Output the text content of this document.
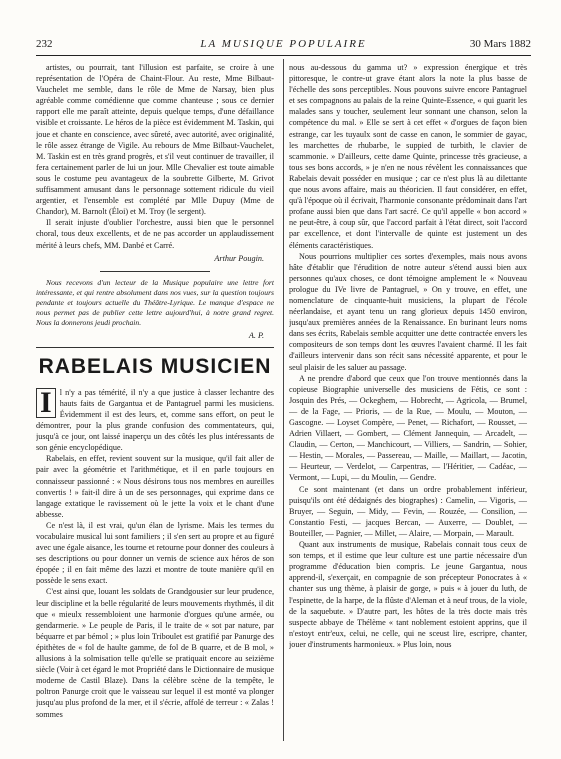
232	LA MUSIQUE POPULAIRE	30 Mars 1882

artistes, ou pourrait, tant l'illusion est parfaite, se croire à une représentation de l'Opéra de Chaint-Flour. Au reste, Mme Bilbaut-Vauchelet me semble, dans le rôle de Mme de Narsay, bien plus agréable comme comédienne que comme chanteuse ; sous ce dernier rapport elle me paraît atteinte, depuis quelque temps, d'une défaillance visible et croissante. Le héros de la pièce est évidemment M. Taskin, qui joue et chante en conscience, avec sûreté, avec autorité, avec originalité, le rôle assez étrange de Vigile. Au rebours de Mme Bilbaut-Vauchelet, M. Taskin est en très grand progrès, et s'il veut continuer de travailler, il fera certainement parler de lui un jour. Mlle Chevalier est toute aimable sous le costume peu avantageux de la soubrette Gilberte, M. Grivot suffisamment amusant dans le personnage sottement ridicule du vieil argentier, et l'ensemble est complété par Mlle Dupuy (Mme de Chandor), M. Barnolt (Éloi) et M. Troy (le sergent).

Il serait injuste d'oublier l'orchestre, aussi bien que le personnel choral, tous deux excellents, et de ne pas accorder un applaudissement mérité à leurs chefs, MM. Danbé et Carré.

Arthur Pougin.

Nous recevons d'un lecteur de la Musique populaire une lettre fort intéressante, et qui rentre absolument dans nos vues, sur la question toujours pendante et toujours actuelle du Théâtre-Lyrique. Le manque d'espace ne nous permet pas de publier cette lettre aujourd'hui, à notre grand regret. Nous la donnerons jeudi prochain.

A. P.

RABELAIS MUSICIEN

I l n'y a pas témérité, il n'y a que justice à classer lechantre des hauts faits de Gargantua et de Pantagruel parmi les musiciens. Évidemment il est des leurs, et, comme sans effort, on peut le démontrer, pour la plus grande confusion des commentateurs, qui, jusqu'à ce jour, ont laissé inaperçu un des côtés les plus intéressants de son génie encyclopédique.

Rabelais, en effet, revient souvent sur la musique, qu'il fait aller de pair avec la géométrie et l'arithmétique, et il en parle toujours en connaisseur passionné : « Nous désirons tous nos membres en aureilles convertis ! » fait-il dire à un de ses personnages, qui exprime dans ce langage extatique le ravissement où le jette la voix et le chant d'une abbesse.

Ce n'est là, il est vrai, qu'un élan de lyrisme. Mais les termes du vocabulaire musical lui sont familiers ; il s'en sert au propre et au figuré avec une égale aisance, les tourne et retourne pour donner des couleurs à ses descriptions ou pour donner un vernis de science aux héros de son épopée ; il en fait même des lazzi et montre de toute manière qu'il en possède le sens exact.

C'est ainsi que, louant les soldats de Grandgousier sur leur prudence, leur discipline et la belle régularité de leurs mouvements rhythmés, il dit que « mieulx ressembloient une harmonie d'orgues qu'une armée, ou gendarmerie. » Le peuple de Paris, il le traite de « sot par nature, par béquarre et par bémol ; » plus loin Triboulet est gratifié par Panurge des épithètes de « fol de haulte gamme, de fol de B quarre, et de B mol, » allusions à la solmisation telle qu'elle se pratiquait encore au seizième siècle (Voir à cet égard le mot Propriété dans le Dictionnaire de musique moderne de Castil Blaze). Dans la célèbre scène de la tempête, le poltron Panurge croit que le vaisseau sur lequel il est monté va plonger jusqu'au plus profond de la mer, et il s'écrie, affolé de terreur : « Zalas ! sommes

nous au-dessous du gamma ut? » expression énergique et très pittoresque, le contre-ut grave étant alors la note la plus basse de l'échelle des sons perceptibles. Nous pouvons suivre encore Pantagruel et ses compagnons au palais de la reine Quinte-Essence, « qui guarit les malades sans y toucher, seulement leur sonnant une chanson, selon la compétence du mal. » Elle se sert à cet effet « d'orgues de façon bien estrange, car les tuyaulx sont de casse en canon, le sommier de gayac, les marchettes de rhubarbe, le suppied de turbith, le clavier de scammonie. » D'ailleurs, cette dame Quinte, princesse très gracieuse, a tous ses bons accords, » je n'en ne nous révèlent les connaissances que Rabelais devait posséder en musique ; car ce n'est plus là au dilettante que nous avons affaire, mais au théoricien. Il faut considérer, en effet, qu'à l'époque où il écrivait, l'harmonie consonante prédominait dans l'art profane aussi bien que dans l'art sacré. Ce qu'il appelle « bon accord » ne peut-être, à coup sûr, que l'accord parfait à l'état direct, soit l'accord par excellence, et dont l'intervalle de quinte est justement un des éléments caractéristiques.

Nous pourrions multiplier ces sortes d'exemples, mais nous avons hâte d'établir que l'érudition de notre auteur s'étend aussi bien aux personnes qu'aux choses, ce dont témoigne amplement le « Nouveau prologue du IVe livre de Pantagruel, » On y trouve, en effet, une nomenclature de cinquante-huit musiciens, la plupart de l'école néerlandaise, et ayant tenu un rang glorieux depuis 1450 environ, jusqu'aux premières années de la Renaissance. En burinant leurs noms dans ses écrits, Rabelais semble acquitter une dette contractée envers les compositeurs de son temps dont les œuvres l'avaient charmé. Il les fait d'ailleurs intervenir dans son récit sans nécessité apparente, et pour le seul plaisir de les saluer au passage.

A ne prendre d'abord que ceux que l'on trouve mentionnés dans la copieuse Biographie universelle des musiciens de Fétis, ce sont : Josquin des Prés, — Ockeghem, — Hobrecht, — Agricola, — Brumel, — de la Fage, — Prioris, — de la Rue, — Moulu, — Mouton, — Gascogne. — Loyset Compère, — Penet, — Richafort, — Rousset, — Adrien Villaert, — Gombert, — Clément Jannequin, — Arcadelt, — Claudin, — Certon, — Manchicourt, — Villiers, — Sandrin, — Sohier, — Hestin, — Morales, — Passereau, — Maille, — Maillart, — Jacotin, — Heurteur, — Verdelot, — Carpentras, — l'Héritier, — Cadéac, — Vermont, — Lupi, — du Moulin, — Gendre.

Ce sont maintenant (et dans un ordre probablement inférieur, puisqu'ils ont été dédaignés des biographes) : Camelin, — Vigoris, — Bruyer, — Seguin, — Midy, — Fevin, — Rouzée, — Consilion, — Constantio Festi, — jacques Bercan, — Auxerre, — Doublet, — Bouteiller, — Pagnier, — Millet, — Alaire, — Morpain, — Marault.

Quant aux instruments de musique, Rabelais connait tous ceux de son temps, et il estime que leur culture est une partie nécessaire d'un programme d'éducation bien compris. Le jeune Gargantua, nous apprend-il, s'exerçait, en compagnie de son précepteur Ponocrates à « chanter sus ung thème, à plaisir de gorge, » puis « à jouer du luth, de l'espinette, de la harpe, de la flûste d'Aleman et à neuf trous, de la viole, de la saquebute. » D'autre part, les hôtes de la très docte mais très suspecte abbaye de Thélème « tant noblement estoient apprins, que il n'estoyt entr'eux, celui, ne celle, qui ne sceust lire, escripre, chanter, jouer d'instruments harmonieux. » Plus loin, nous
